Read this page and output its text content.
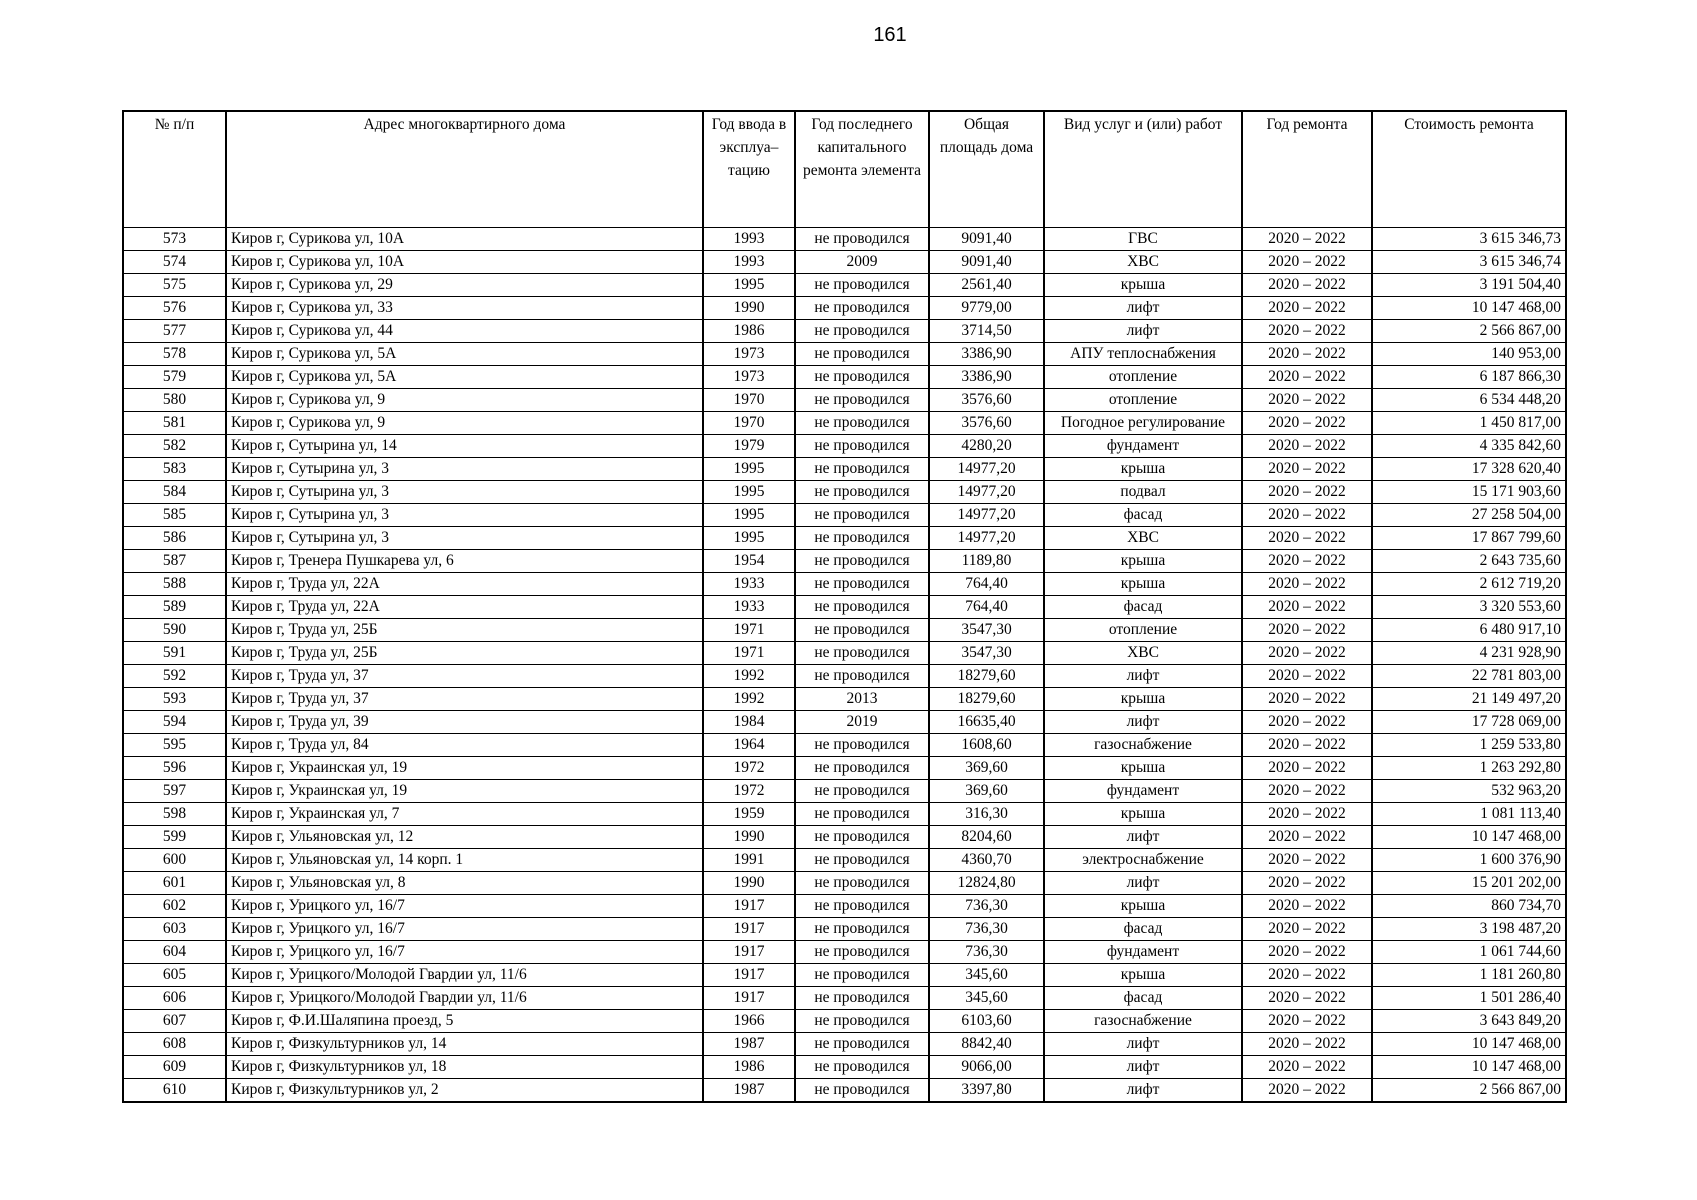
161
№ п/п	Адрес многоквартирного дома	Год ввода в эксплуа–тацию	Год последнего капитального ремонта элемента	Общая площадь дома	Вид услуг и (или) работ	Год ремонта	Стоимость ремонта
573	Киров г, Сурикова ул, 10А	1993	не проводился	9091,40	ГВС	2020 – 2022	3 615 346,73
574	Киров г, Сурикова ул, 10А	1993	2009	9091,40	ХВС	2020 – 2022	3 615 346,74
575	Киров г, Сурикова ул, 29	1995	не проводился	2561,40	крыша	2020 – 2022	3 191 504,40
576	Киров г, Сурикова ул, 33	1990	не проводился	9779,00	лифт	2020 – 2022	10 147 468,00
577	Киров г, Сурикова ул, 44	1986	не проводился	3714,50	лифт	2020 – 2022	2 566 867,00
578	Киров г, Сурикова ул, 5А	1973	не проводился	3386,90	АПУ теплоснабжения	2020 – 2022	140 953,00
579	Киров г, Сурикова ул, 5А	1973	не проводился	3386,90	отопление	2020 – 2022	6 187 866,30
580	Киров г, Сурикова ул, 9	1970	не проводился	3576,60	отопление	2020 – 2022	6 534 448,20
581	Киров г, Сурикова ул, 9	1970	не проводился	3576,60	Погодное регулирование	2020 – 2022	1 450 817,00
582	Киров г, Сутырина ул, 14	1979	не проводился	4280,20	фундамент	2020 – 2022	4 335 842,60
583	Киров г, Сутырина ул, 3	1995	не проводился	14977,20	крыша	2020 – 2022	17 328 620,40
584	Киров г, Сутырина ул, 3	1995	не проводился	14977,20	подвал	2020 – 2022	15 171 903,60
585	Киров г, Сутырина ул, 3	1995	не проводился	14977,20	фасад	2020 – 2022	27 258 504,00
586	Киров г, Сутырина ул, 3	1995	не проводился	14977,20	ХВС	2020 – 2022	17 867 799,60
587	Киров г, Тренера Пушкарева ул, 6	1954	не проводился	1189,80	крыша	2020 – 2022	2 643 735,60
588	Киров г, Труда ул, 22А	1933	не проводился	764,40	крыша	2020 – 2022	2 612 719,20
589	Киров г, Труда ул, 22А	1933	не проводился	764,40	фасад	2020 – 2022	3 320 553,60
590	Киров г, Труда ул, 25Б	1971	не проводился	3547,30	отопление	2020 – 2022	6 480 917,10
591	Киров г, Труда ул, 25Б	1971	не проводился	3547,30	ХВС	2020 – 2022	4 231 928,90
592	Киров г, Труда ул, 37	1992	не проводился	18279,60	лифт	2020 – 2022	22 781 803,00
593	Киров г, Труда ул, 37	1992	2013	18279,60	крыша	2020 – 2022	21 149 497,20
594	Киров г, Труда ул, 39	1984	2019	16635,40	лифт	2020 – 2022	17 728 069,00
595	Киров г, Труда ул, 84	1964	не проводился	1608,60	газоснабжение	2020 – 2022	1 259 533,80
596	Киров г, Украинская ул, 19	1972	не проводился	369,60	крыша	2020 – 2022	1 263 292,80
597	Киров г, Украинская ул, 19	1972	не проводился	369,60	фундамент	2020 – 2022	532 963,20
598	Киров г, Украинская ул, 7	1959	не проводился	316,30	крыша	2020 – 2022	1 081 113,40
599	Киров г, Ульяновская ул, 12	1990	не проводился	8204,60	лифт	2020 – 2022	10 147 468,00
600	Киров г, Ульяновская ул, 14 корп. 1	1991	не проводился	4360,70	электроснабжение	2020 – 2022	1 600 376,90
601	Киров г, Ульяновская ул, 8	1990	не проводился	12824,80	лифт	2020 – 2022	15 201 202,00
602	Киров г, Урицкого ул, 16/7	1917	не проводился	736,30	крыша	2020 – 2022	860 734,70
603	Киров г, Урицкого ул, 16/7	1917	не проводился	736,30	фасад	2020 – 2022	3 198 487,20
604	Киров г, Урицкого ул, 16/7	1917	не проводился	736,30	фундамент	2020 – 2022	1 061 744,60
605	Киров г, Урицкого/Молодой Гвардии ул, 11/6	1917	не проводился	345,60	крыша	2020 – 2022	1 181 260,80
606	Киров г, Урицкого/Молодой Гвардии ул, 11/6	1917	не проводился	345,60	фасад	2020 – 2022	1 501 286,40
607	Киров г, Ф.И.Шаляпина проезд, 5	1966	не проводился	6103,60	газоснабжение	2020 – 2022	3 643 849,20
608	Киров г, Физкультурников ул, 14	1987	не проводился	8842,40	лифт	2020 – 2022	10 147 468,00
609	Киров г, Физкультурников ул, 18	1986	не проводился	9066,00	лифт	2020 – 2022	10 147 468,00
610	Киров г, Физкультурников ул, 2	1987	не проводился	3397,80	лифт	2020 – 2022	2 566 867,00
